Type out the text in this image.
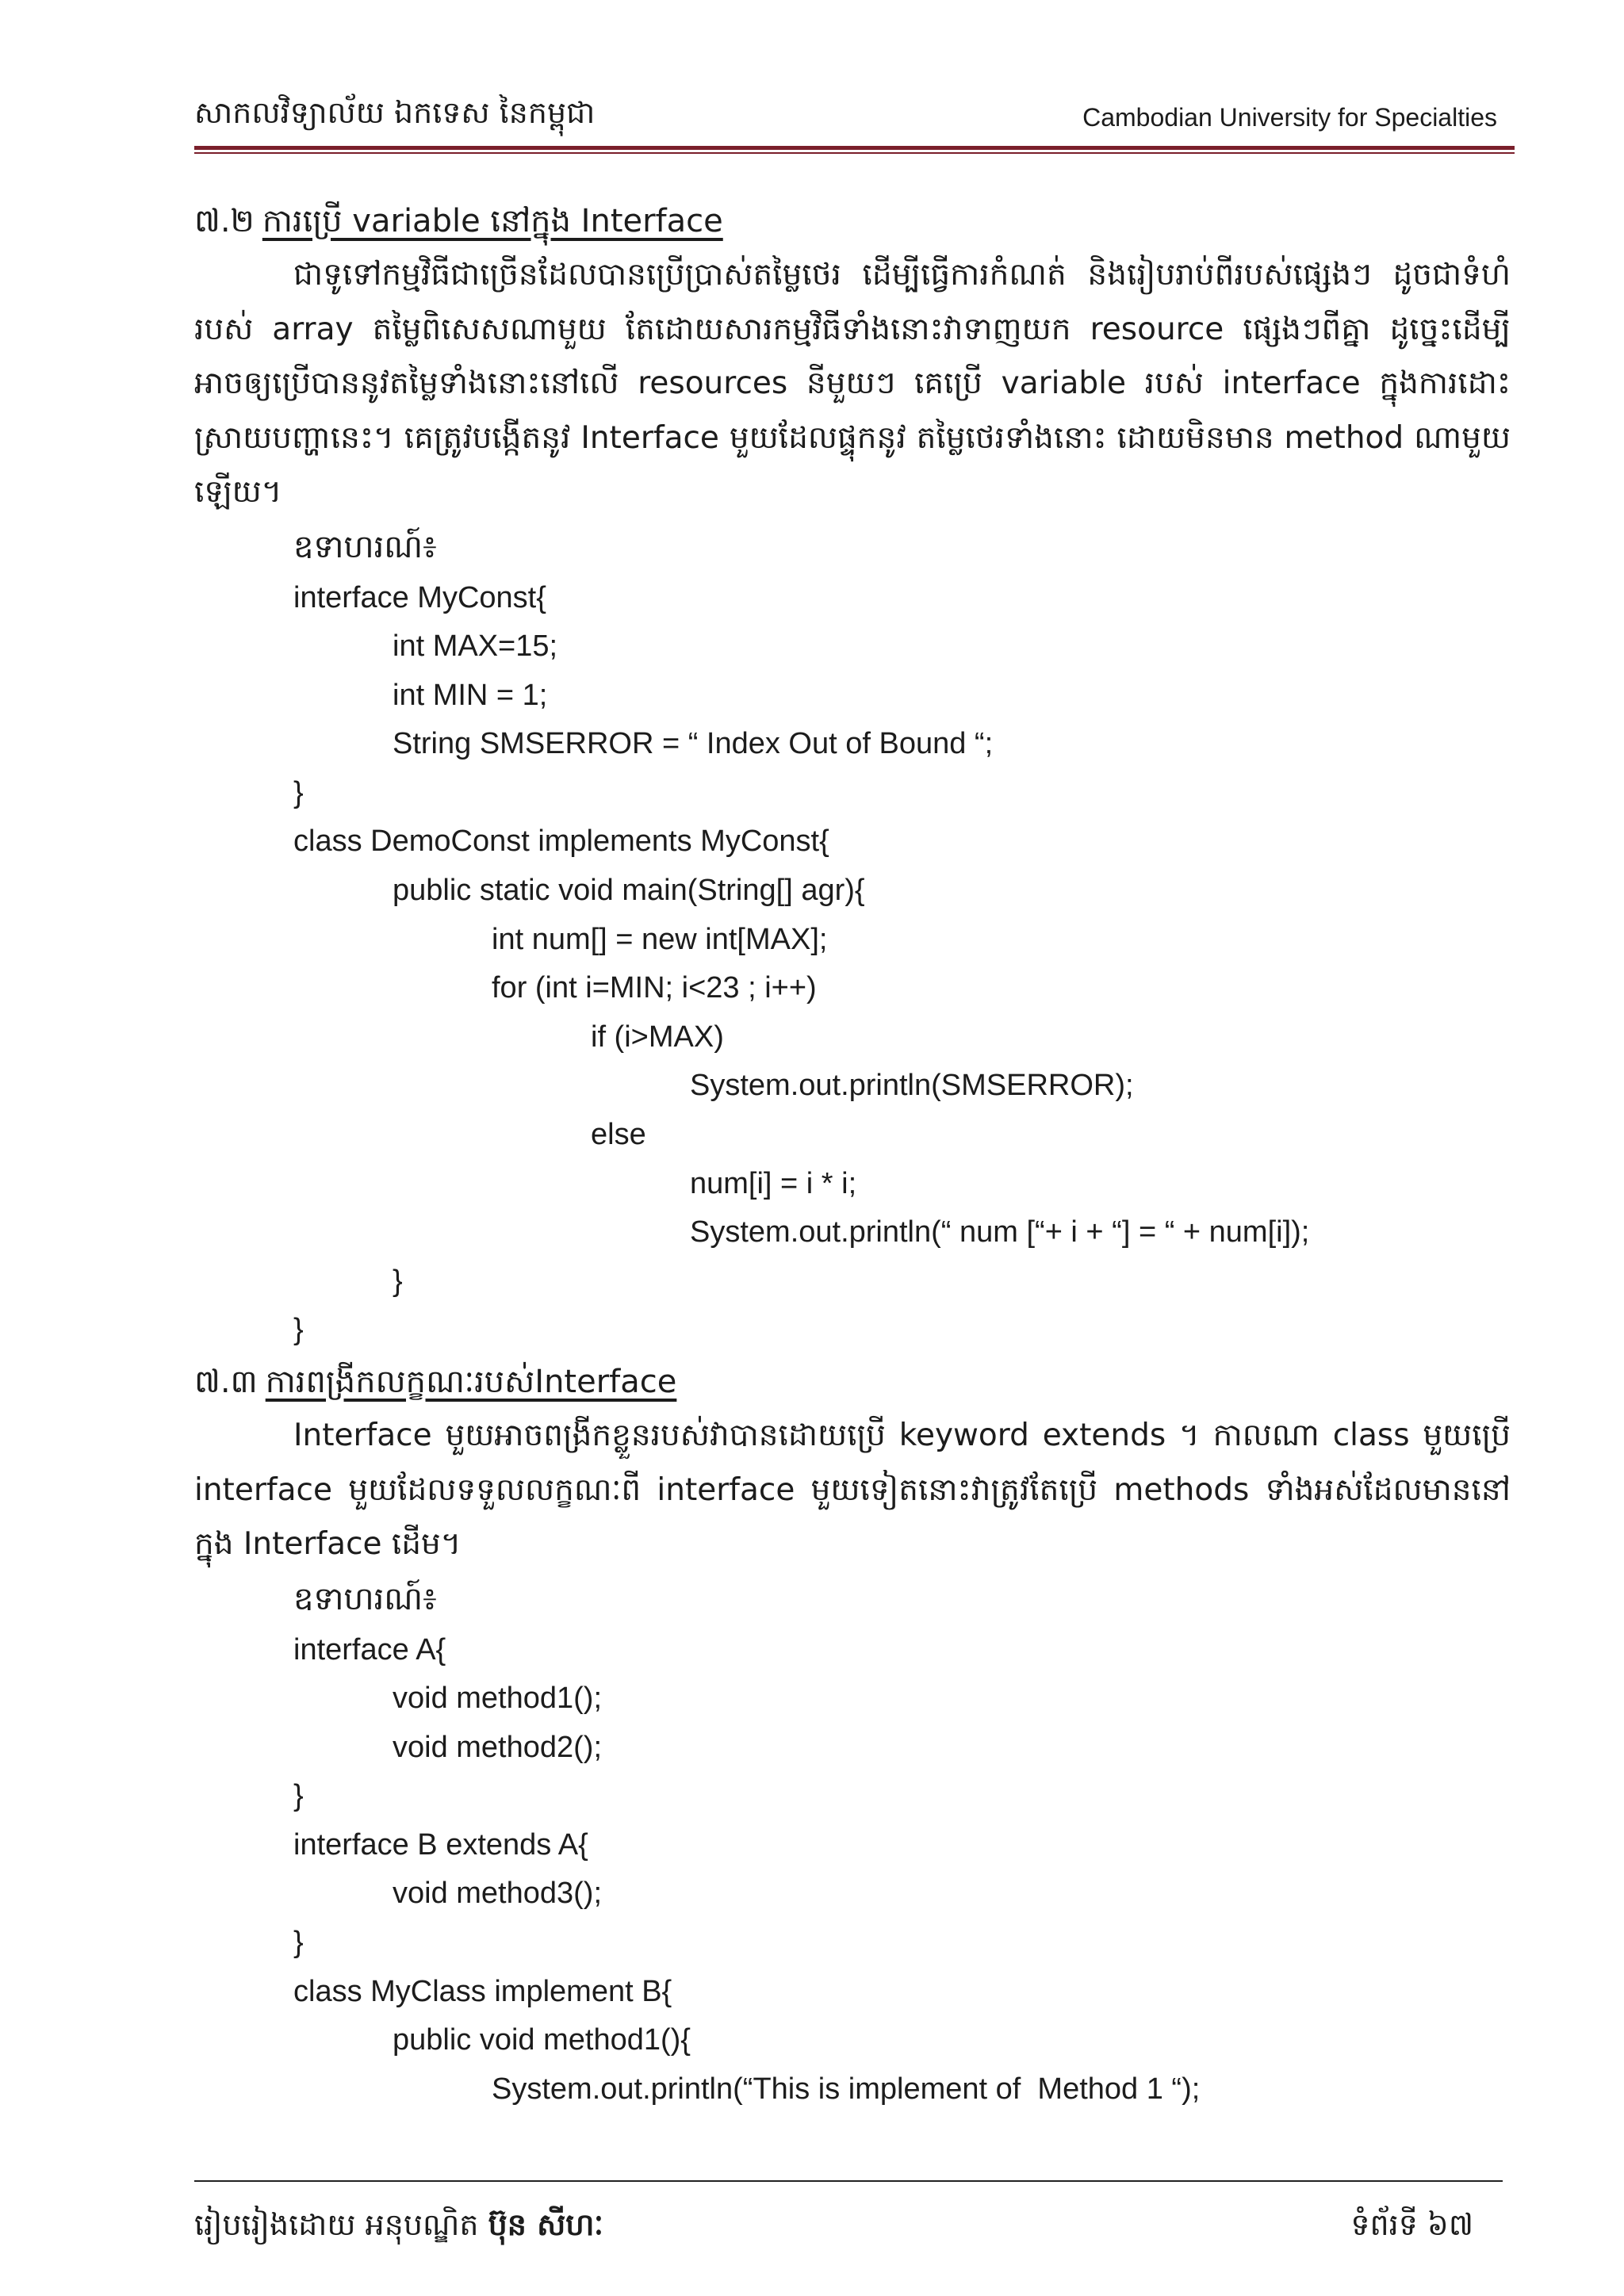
សាកលវិទ្យាល័យ ឯកទេស នៃកម្ពុជា	Cambodian University for Specialties
៧.២ ការប្រើ variable នៅក្នុង Interface
ជាទូទៅកម្មវិធីជាច្រើនដែលបានប្រើប្រាស់តម្លៃថេរ ដើម្បីធ្វើការកំណត់ និងរៀបរាប់ពីរបស់ផ្សេងៗ ដូចជាទំហំរបស់ array តម្លៃពិសេសណាមួយ តែដោយសារកម្មវិធីទាំងនោះវាទាញយក resource ផ្សេងៗពីគ្នា ដូច្នេះដើម្បី អាចឲ្យប្រើបាននូវតម្លៃទាំងនោះនៅលើ resources នីមួយៗ គេប្រើ variable របស់ interface ក្នុងការដោះស្រាយបញ្ហានេះ។ គេត្រូវបង្កើតនូវ Interface មួយដែលផ្ទុកនូវ តម្លៃថេរទាំងនោះ ដោយមិនមាន method ណាមួយឡើយ។
ឧទាហរណ៍៖
interface MyConst{
int MAX=15;
int MIN = 1;
String SMSERROR = “ Index Out of Bound “;
}
class DemoConst implements MyConst{
public static void main(String[] agr){
int num[] = new int[MAX];
for (int i=MIN; i<23 ; i++)
if (i>MAX)
System.out.println(SMSERROR);
else
num[i] = i * i;
System.out.println(“ num [“+ i + “] = “ + num[i]);
}
}
៧.៣ ការពង្រីកលក្ខណៈរបស់Interface
Interface មួយអាចពង្រីកខ្លួនរបស់វាបានដោយប្រើ keyword extends ។ កាលណា class មួយប្រើ interface មួយដែលទទួលលក្ខណៈពី interface មួយទៀតនោះវាត្រូវតែប្រើ methods ទាំងអស់ដែលមាននៅក្នុង Interface ដើម។
ឧទាហរណ៍៖
interface A{
void method1();
void method2();
}
interface B extends A{
void method3();
}
class MyClass implement B{
public void method1(){
System.out.println(“This is implement of  Method 1 “);
រៀបរៀងដោយ អនុបណ្ឌិត ប៊ុន សីហៈ	ទំព័រទី ៦៧
